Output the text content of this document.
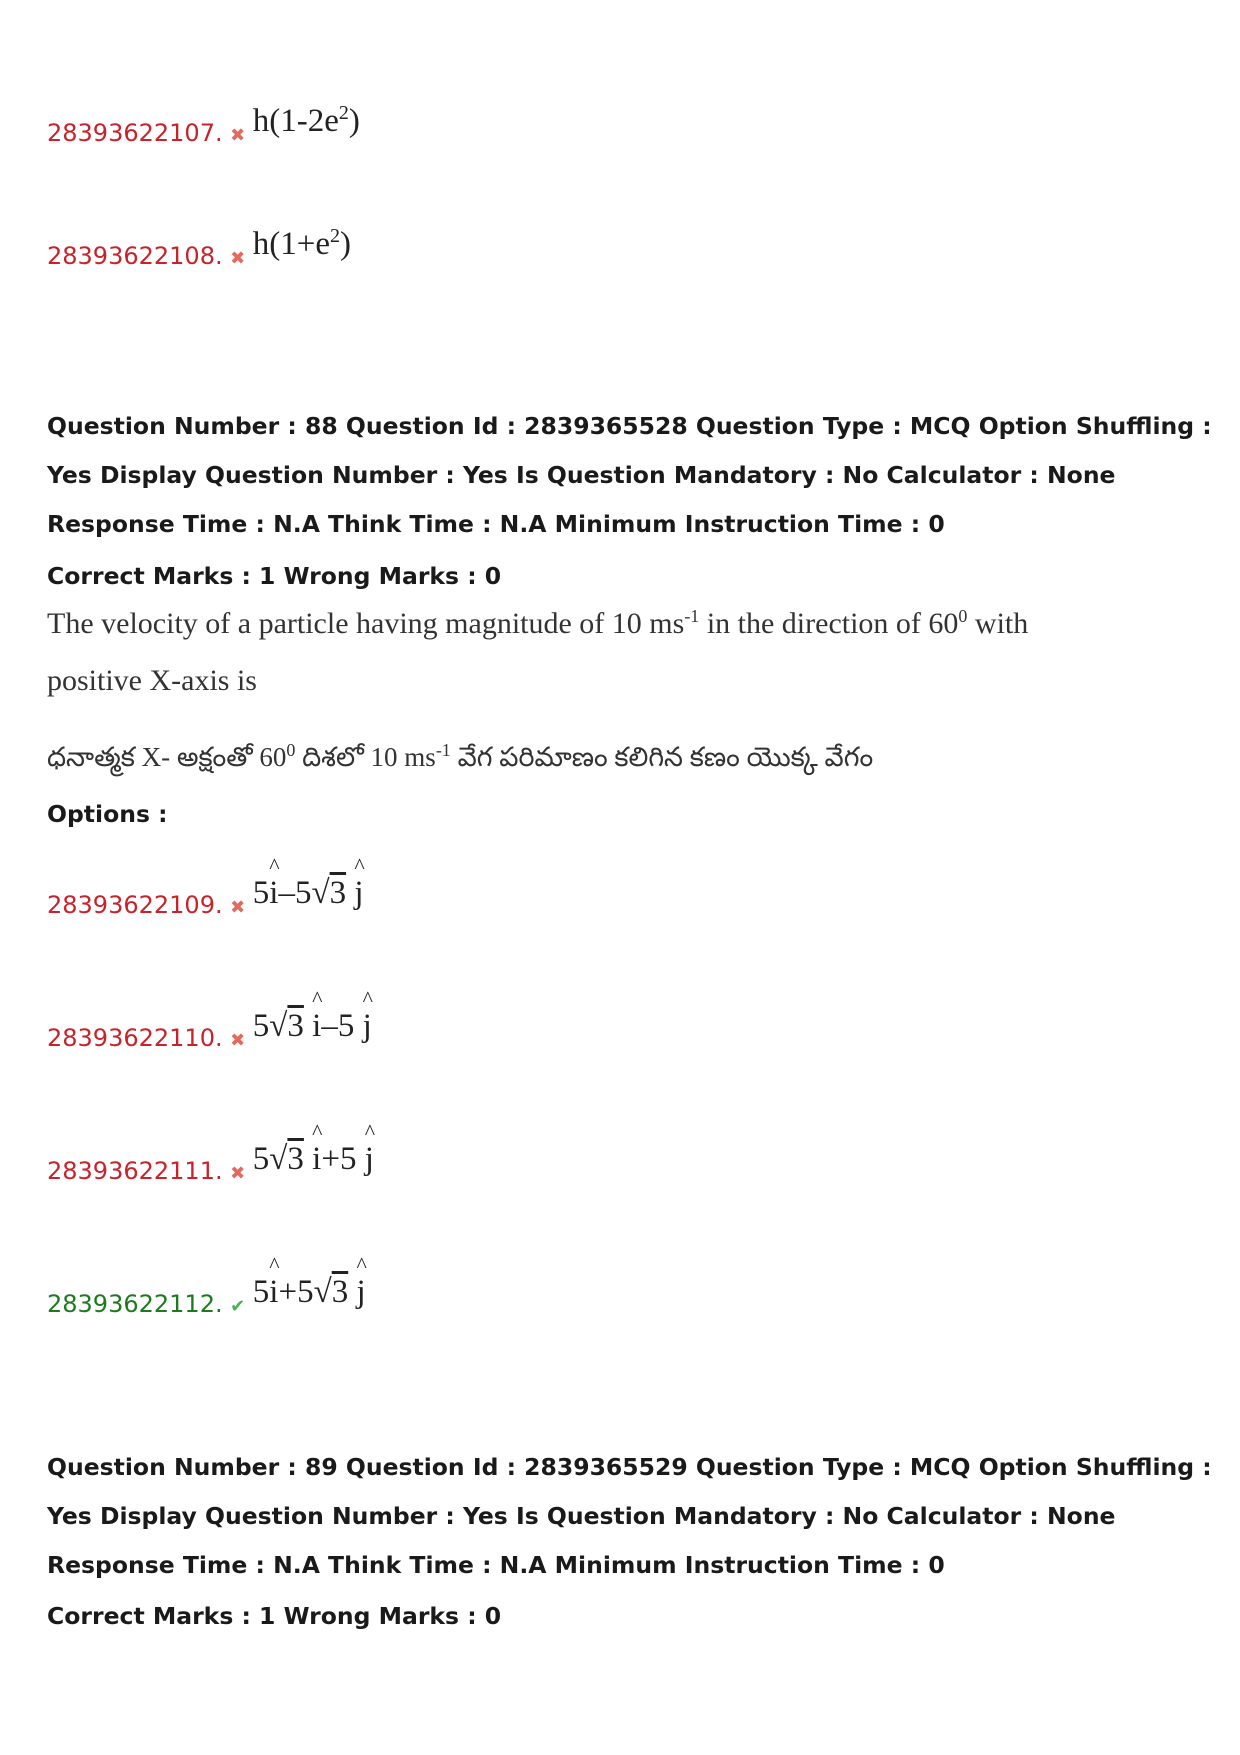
28393622107. ✖ $h(1-2e^2)$
28393622108. ✖ $h(1+e^2)$
Question Number : 88 Question Id : 2839365528 Question Type : MCQ Option Shuffling : Yes Display Question Number : Yes Is Question Mandatory : No Calculator : None Response Time : N.A Think Time : N.A Minimum Instruction Time : 0
Correct Marks : 1 Wrong Marks : 0
The velocity of a particle having magnitude of 10 $ms^{-1}$ in the direction of $60^0$ with
positive X-axis is
ధనాత్మక X- అక్షంతో $60^0$ దిశలో 10 $ms^{-1}$ వేగ పరిమాణం కలిగిన కణం యొక్క వేగం
Options :
28393622109. ✖ 5^ i–5√3 ^ j
28393622110. ✖ 5√3 ^ i–5 ^ j
28393622111. ✖ 5√3 ^ i+5 ^ j
28393622112. ✔ 5^ i+5√3 ^ j
Question Number : 89 Question Id : 2839365529 Question Type : MCQ Option Shuffling : Yes Display Question Number : Yes Is Question Mandatory : No Calculator : None Response Time : N.A Think Time : N.A Minimum Instruction Time : 0
Correct Marks : 1 Wrong Marks : 0
